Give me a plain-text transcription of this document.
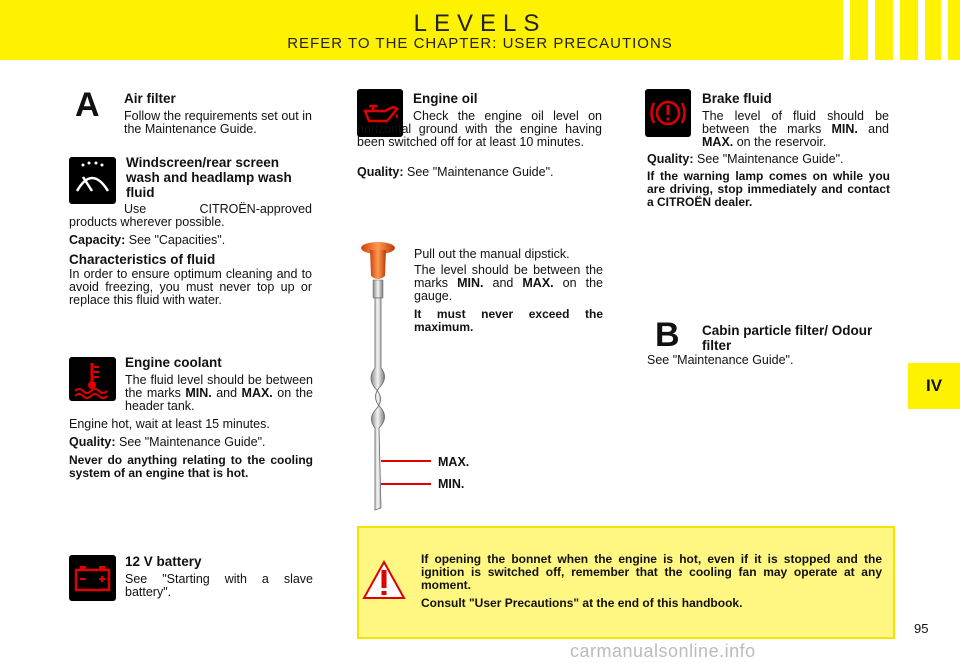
LEVELS
REFER TO THE CHAPTER: USER PRECAUTIONS
IV
A Air filter
Follow the requirements set out in the Maintenance Guide.
Windscreen/rear screen wash and headlamp wash fluid
Use CITROËN-approved products wherever possible.
Capacity: See "Capacities".
Characteristics of fluid
In order to ensure optimum cleaning and to avoid freezing, you must never top up or replace this fluid with water.
Engine coolant
The fluid level should be between the marks MIN. and MAX. on the header tank.
Engine hot, wait at least 15 minutes.
Quality: See "Maintenance Guide".
Never do anything relating to the cooling system of an engine that is hot.
12 V battery
See "Starting with a slave battery".
Engine oil
Check the engine oil level on horizontal ground with the engine having been switched off for at least 10 minutes.
Quality: See "Maintenance Guide".
MAX.
MIN.
Pull out the manual dipstick.
The level should be between the marks MIN. and MAX. on the gauge.
It must never exceed the maximum.
Brake fluid
The level of fluid should be between the marks MIN. and MAX. on the reservoir.
Quality: See "Maintenance Guide".
If the warning lamp comes on while you are driving, stop immediately and contact a CITROËN dealer.
B Cabin particle filter/ Odour filter
See "Maintenance Guide".
If opening the bonnet when the engine is hot, even if it is stopped and the ignition is switched off, remember that the cooling fan may operate at any moment.
Consult "User Precautions" at the end of this handbook.
95
carmanualsonline.info
